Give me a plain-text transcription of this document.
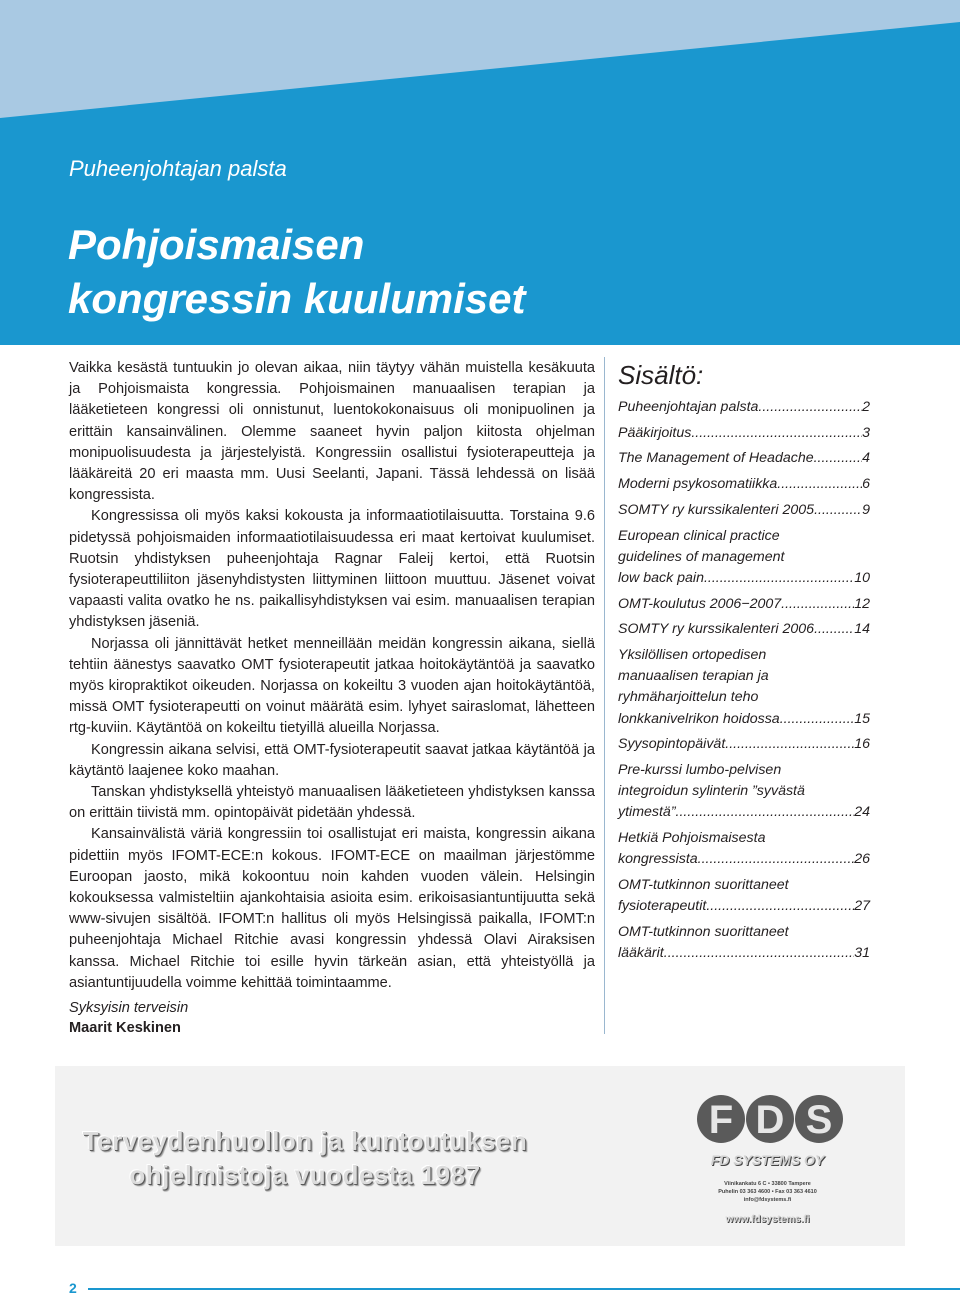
Puheenjohtajan palsta
Pohjoismaisen
kongressin kuulumiset

Vaikka kesästä tuntuukin jo olevan aikaa, niin täytyy vähän muistella kesäkuuta ja Pohjoismaista kongressia. Pohjoismainen manuaalisen terapian ja lääketieteen kongressi oli onnistunut, luentokokonaisuus oli monipuolinen ja erittäin kansainvälinen. Olemme saaneet hyvin paljon kiitosta ohjelman monipuolisuudesta ja järjestelyistä. Kongressiin osallistui fysioterapeutteja ja lääkäreitä 20 eri maasta mm. Uusi Seelanti, Japani. Tässä lehdessä on lisää kongressista.

Kongressissa oli myös kaksi kokousta ja informaatiotilaisuutta. Torstaina 9.6 pidetyssä pohjoismaiden informaatiotilaisuudessa eri maat kertoivat kuulumiset. Ruotsin yhdistyksen puheenjohtaja Ragnar Faleij kertoi, että Ruotsin fysioterapeuttiliiton jäsenyhdistysten liittyminen liittoon muuttuu. Jäsenet voivat vapaasti valita ovatko he ns. paikallisyhdistyksen vai esim. manuaalisen terapian yhdistyksen jäseniä.

Norjassa oli jännittävät hetket menneillään meidän kongressin aikana, siellä tehtiin äänestys saavatko OMT fysioterapeutit jatkaa hoitokäytäntöä ja saavatko myös kiropraktikot oikeuden. Norjassa on kokeiltu 3 vuoden ajan hoitokäytäntöä, missä OMT fysioterapeutti on voinut määrätä esim. lyhyet sairaslomat, lähetteen rtg-kuviin. Käytäntöä on kokeiltu tietyillä alueilla Norjassa.

Kongressin aikana selvisi, että OMT-fysioterapeutit saavat jatkaa käytäntöä ja käytäntö laajenee koko maahan.

Tanskan yhdistyksellä yhteistyö manuaalisen lääketieteen yhdistyksen kanssa on erittäin tiivistä mm. opintopäivät pidetään yhdessä.

Kansainvälistä väriä kongressiin toi osallistujat eri maista, kongressin aikana pidettiin myös IFOMT-ECE:n kokous. IFOMT-ECE on maailman järjestömme Euroopan jaosto, mikä kokoontuu noin kahden vuoden välein. Helsingin kokouksessa valmisteltiin ajankohtaisia asioita esim. erikoisasiantuntijuutta sekä www-sivujen sisältöä. IFOMT:n hallitus oli myös Helsingissä paikalla, IFOMT:n puheenjohtaja Michael Ritchie avasi kongressin yhdessä Olavi Airaksisen kanssa. Michael Ritchie toi esille hyvin tärkeän asian, että yhteistyöllä ja asiantuntijuudella voimme kehittää toimintaamme.

Syksyisin terveisin
Maarit Keskinen
Sisältö:
Puheenjohtajan palsta .....	2
Pääkirjoitus .....	3
The Management of Headache .....	4
Moderni psykosomatiikka .....	6
SOMTY ry kurssikalenteri 2005 .....	9
European clinical practice
guidelines of management
low back pain .....	10
OMT-koulutus 2006−2007 .....	12
SOMTY ry kurssikalenteri 2006 .....	14
Yksilöllisen ortopedisen
manuaalisen terapian ja
ryhmäharjoittelun teho
lonkkanivelrikon hoidossa .....	15
Syysopintopäivät .....	16
Pre-kurssi lumbo-pelvisen
integroidun sylinterin ”syvästä
ytimestä” .....	24
Hetkiä Pohjoismaisesta
kongressista .....	26
OMT-tutkinnon suorittaneet
fysioterapeutit .....	27
OMT-tutkinnon suorittaneet
lääkärit .....	31
Terveydenhuollon ja kuntoutuksen
ohjelmistoja vuodesta 1987
F D S
FD SYSTEMS OY
Viinikankatu 6 C • 33800 Tampere
Puhelin 03 363 4600 • Fax 03 363 4610
info@fdsystems.fi
www.fdsystems.fi
2
